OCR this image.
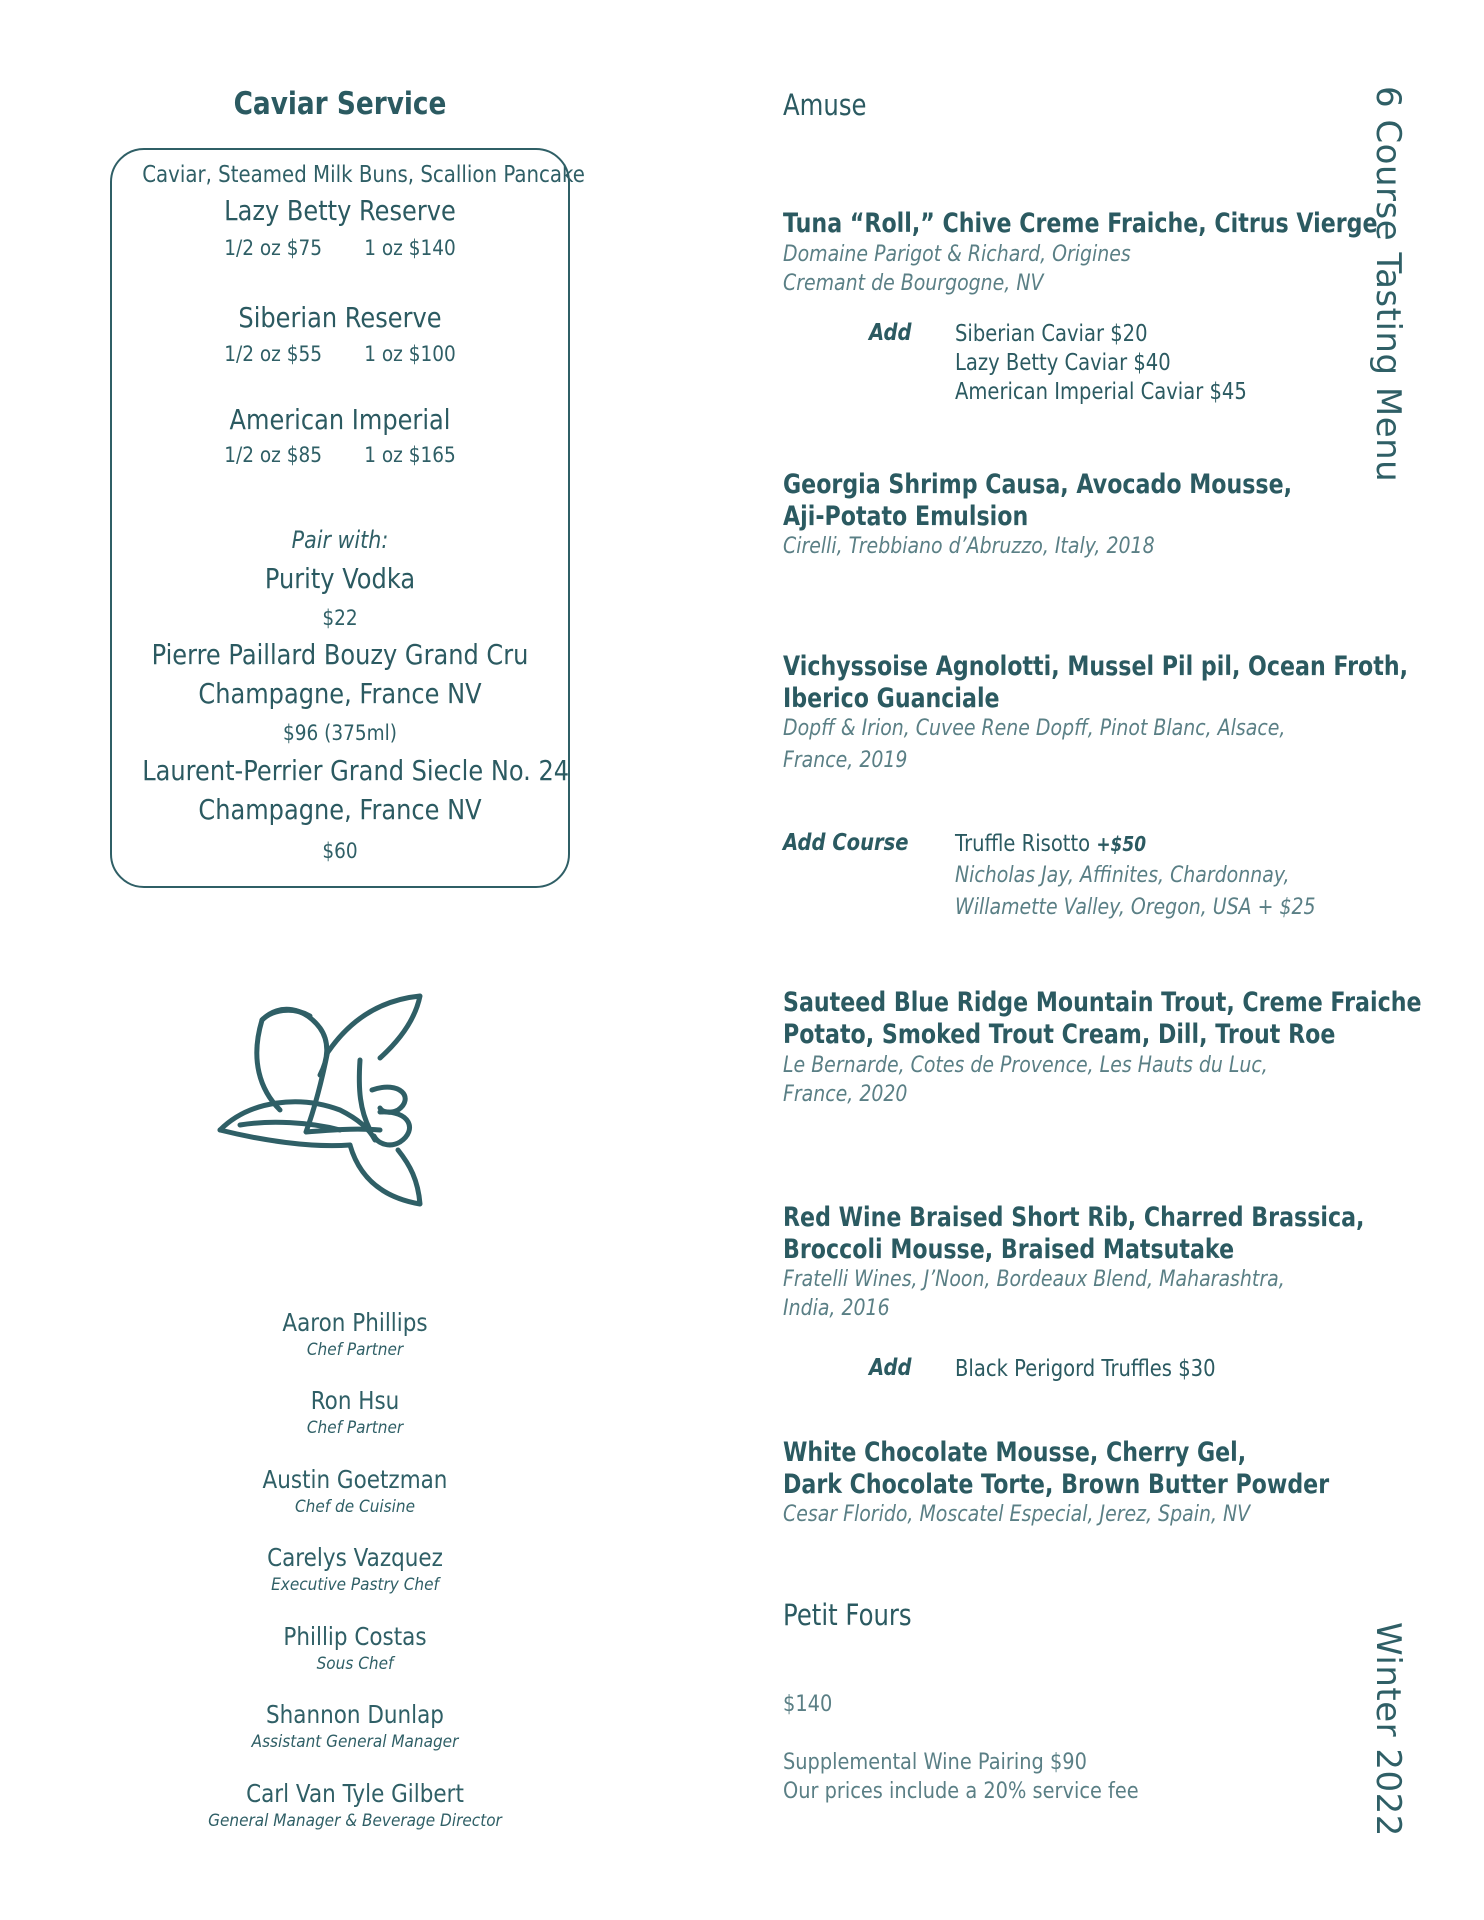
Caviar Service
Caviar, Steamed Milk Buns, Scallion Pancake
Lazy Betty Reserve
1/2 oz $75 1 oz $140
Siberian Reserve
1/2 oz $55 1 oz $100
American Imperial
1/2 oz $85 1 oz $165
Pair with:
Purity Vodka
$22
Pierre Paillard Bouzy Grand Cru
Champagne, France NV
$96 (375ml)
Laurent-Perrier Grand Siecle No. 24
Champagne, France NV
$60
Aaron Phillips
Chef Partner
Ron Hsu
Chef Partner
Austin Goetzman
Chef de Cuisine
Carelys Vazquez
Executive Pastry Chef
Phillip Costas
Sous Chef
Shannon Dunlap
Assistant General Manager
Carl Van Tyle Gilbert
General Manager & Beverage Director
Amuse
Tuna “Roll,” Chive Creme Fraiche, Citrus Vierge
Domaine Parigot & Richard, Origines
Cremant de Bourgogne, NV
Add Siberian Caviar $20
Lazy Betty Caviar $40
American Imperial Caviar $45
Georgia Shrimp Causa, Avocado Mousse,
Aji-Potato Emulsion
Cirelli, Trebbiano d’Abruzzo, Italy, 2018
Vichyssoise Agnolotti, Mussel Pil pil, Ocean Froth,
Iberico Guanciale
Dopff & Irion, Cuvee Rene Dopff, Pinot Blanc, Alsace,
France, 2019
Add Course Truffle Risotto +$50
Nicholas Jay, Affinites, Chardonnay,
Willamette Valley, Oregon, USA + $25
Sauteed Blue Ridge Mountain Trout, Creme Fraiche
Potato, Smoked Trout Cream, Dill, Trout Roe
Le Bernarde, Cotes de Provence, Les Hauts du Luc,
France, 2020
Red Wine Braised Short Rib, Charred Brassica,
Broccoli Mousse, Braised Matsutake
Fratelli Wines, J’Noon, Bordeaux Blend, Maharashtra,
India, 2016
Add Black Perigord Truffles $30
White Chocolate Mousse, Cherry Gel,
Dark Chocolate Torte, Brown Butter Powder
Cesar Florido, Moscatel Especial, Jerez, Spain, NV
Petit Fours
$140
Supplemental Wine Pairing $90
Our prices include a 20% service fee
6 Course Tasting Menu
Winter 2022
